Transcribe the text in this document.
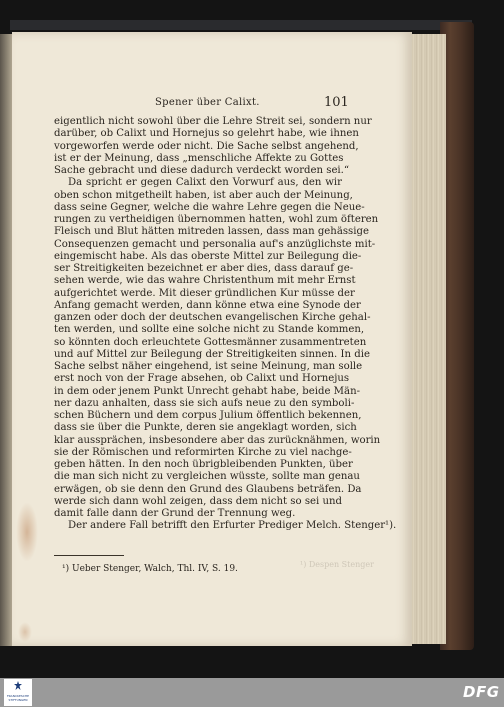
Spener über Calixt.	101
eigentlich nicht sowohl über die Lehre Streit sei, sondern nur
darüber, ob Calixt und Hornejus so gelehrt habe, wie ihnen
vorgeworfen werde oder nicht. Die Sache selbst angehend,
ist er der Meinung, dass „menschliche Affekte zu Gottes
Sache gebracht und diese dadurch verdeckt worden sei.“
Da spricht er gegen Calixt den Vorwurf aus, den wir
oben schon mitgetheilt haben, ist aber auch der Meinung,
dass seine Gegner, welche die wahre Lehre gegen die Neue-
rungen zu vertheidigen übernommen hatten, wohl zum öfteren
Fleisch und Blut hätten mitreden lassen, dass man gehässige
Consequenzen gemacht und personalia auf's anzüglichste mit-
eingemischt habe. Als das oberste Mittel zur Beilegung die-
ser Streitigkeiten bezeichnet er aber dies, dass darauf ge-
sehen werde, wie das wahre Christenthum mit mehr Ernst
aufgerichtet werde. Mit dieser gründlichen Kur müsse der
Anfang gemacht werden, dann könne etwa eine Synode der
ganzen oder doch der deutschen evangelischen Kirche gehal-
ten werden, und sollte eine solche nicht zu Stande kommen,
so könnten doch erleuchtete Gottesmänner zusammentreten
und auf Mittel zur Beilegung der Streitigkeiten sinnen. In die
Sache selbst näher eingehend, ist seine Meinung, man solle
erst noch von der Frage absehen, ob Calixt und Hornejus
in dem oder jenem Punkt Unrecht gehabt habe, beide Män-
ner dazu anhalten, dass sie sich aufs neue zu den symboli-
schen Büchern und dem corpus Julium öffentlich bekennen,
dass sie über die Punkte, deren sie angeklagt worden, sich
klar aussprächen, insbesondere aber das zurücknähmen, worin
sie der Römischen und reformirten Kirche zu viel nachge-
geben hätten. In den noch übrigbleibenden Punkten, über
die man sich nicht zu vergleichen wüsste, sollte man genau
erwägen, ob sie denn den Grund des Glaubens beträfen. Da
werde sich dann wohl zeigen, dass dem nicht so sei und
damit falle dann der Grund der Trennung weg.
Der andere Fall betrifft den Erfurter Prediger Melch. Stenger¹).
¹) Ueber Stenger, Walch, Thl. IV, S. 19.	¹) Despen Stenger
FRANCKESCHE STIFTUNGEN	DFG
